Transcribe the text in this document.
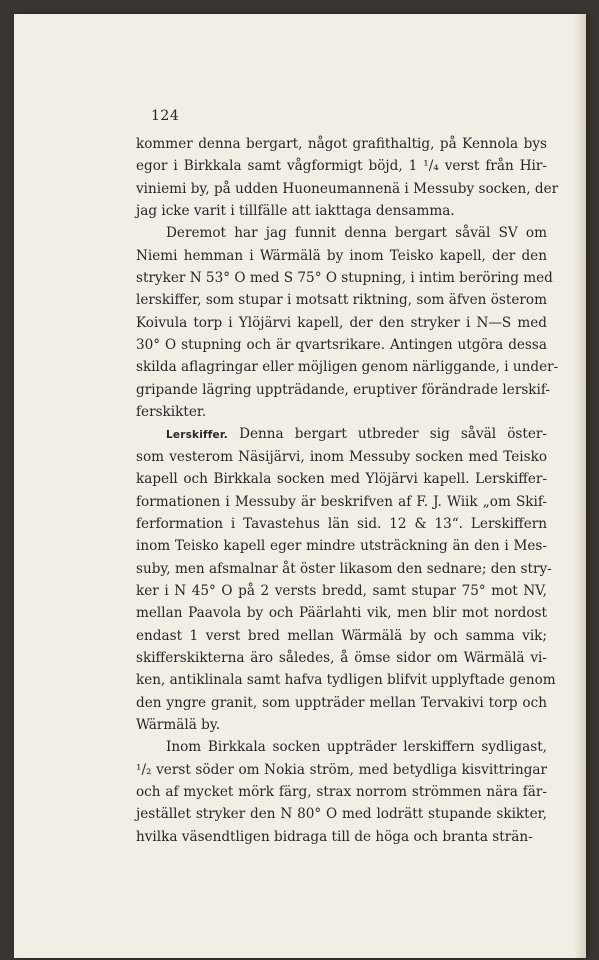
124
kommer denna bergart, något grafithaltig, på Kennola bys
egor i Birkkala samt vågformigt böjd, 1 ¹/₄ verst från Hir-
viniemi by, på udden Huoneumannenä i Messuby socken, der
jag icke varit i tillfälle att iakttaga densamma.
Deremot har jag funnit denna bergart såväl SV om
Niemi hemman i Wärmälä by inom Teisko kapell, der den
stryker N 53° O med S 75° O stupning, i intim beröring med
lerskiffer, som stupar i motsatt riktning, som äfven österom
Koivula torp i Ylöjärvi kapell, der den stryker i N—S med
30° O stupning och är qvartsrikare. Antingen utgöra dessa
skilda aflagringar eller möjligen genom närliggande, i under-
gripande lägring uppträdande, eruptiver förändrade lerskif-
ferskikter.
Lerskiffer. Denna bergart utbreder sig såväl öster-
som vesterom Näsijärvi, inom Messuby socken med Teisko
kapell och Birkkala socken med Ylöjärvi kapell. Lerskiffer-
formationen i Messuby är beskrifven af F. J. Wiik „om Skif-
ferformation i Tavastehus län sid. 12 & 13“. Lerskiffern
inom Teisko kapell eger mindre utsträckning än den i Mes-
suby, men afsmalnar åt öster likasom den sednare; den stry-
ker i N 45° O på 2 versts bredd, samt stupar 75° mot NV,
mellan Paavola by och Päärlahti vik, men blir mot nordost
endast 1 verst bred mellan Wärmälä by och samma vik;
skifferskikterna äro således, å ömse sidor om Wärmälä vi-
ken, antiklinala samt hafva tydligen blifvit upplyftade genom
den yngre granit, som uppträder mellan Tervakivi torp och
Wärmälä by.
Inom Birkkala socken uppträder lerskiffern sydligast,
¹/₂ verst söder om Nokia ström, med betydliga kisvittringar
och af mycket mörk färg, strax norrom strömmen nära fär-
jestället stryker den N 80° O med lodrätt stupande skikter,
hvilka väsendtligen bidraga till de höga och branta strän-
